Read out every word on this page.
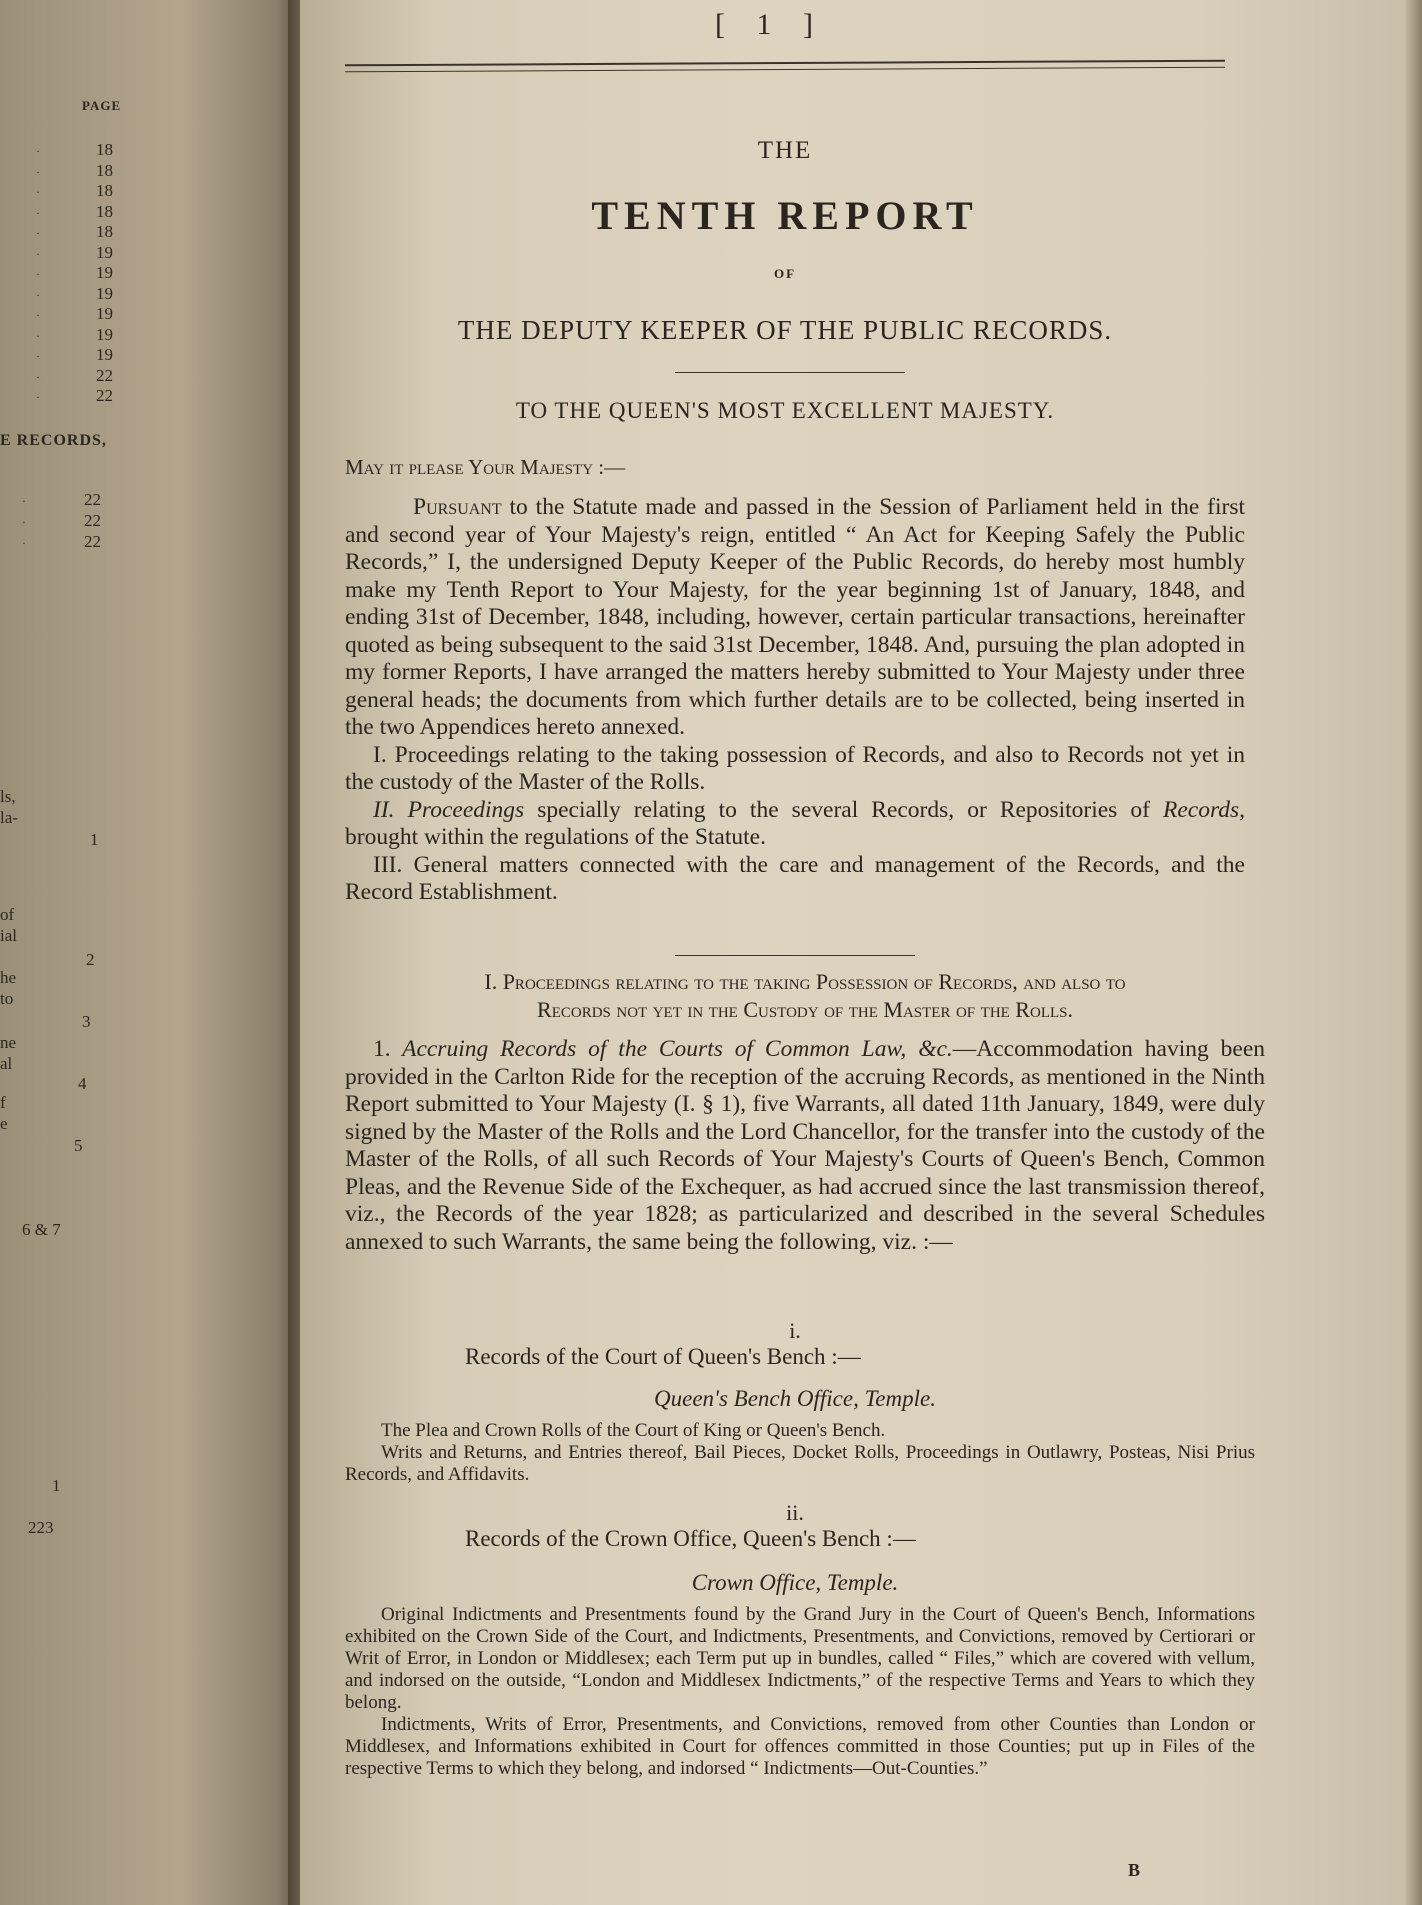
PAGE
18
·
18
·
18
·
18
·
18
·
19
·
19
·
19
·
19
·
19
·
19
·
22
·
22
·
E RECORDS,
22
·
22
·
22
·
ls,
la-
of
ial
he
to
ne
al
f
e
1
2
3
4
5
6 & 7
1
223
[ 1 ]
THE
TENTH REPORT
OF
THE DEPUTY KEEPER OF THE PUBLIC RECORDS.
TO THE QUEEN'S MOST EXCELLENT MAJESTY.
May it please Your Majesty :—

Pursuant to the Statute made and passed in the Session of Parliament held in the first and second year of Your Majesty's reign, entitled “ An Act for Keeping Safely the Public Records,” I, the undersigned Deputy Keeper of the Public Records, do hereby most humbly make my Tenth Report to Your Majesty, for the year beginning 1st of January, 1848, and ending 31st of December, 1848, including, however, certain particular transactions, hereinafter quoted as being subsequent to the said 31st December, 1848. And, pursuing the plan adopted in my former Reports, I have arranged the matters hereby submitted to Your Majesty under three general heads; the documents from which further details are to be collected, being inserted in the two Appendices hereto annexed.

I. Proceedings relating to the taking possession of Records, and also to Records not yet in the custody of the Master of the Rolls.

II. Proceedings specially relating to the several Records, or Repositories of Records, brought within the regulations of the Statute.

III. General matters connected with the care and management of the Records, and the Record Establishment.

I. Proceedings relating to the taking Possession of Records, and also to
Records not yet in the Custody of the Master of the Rolls.

1. Accruing Records of the Courts of Common Law, &c.—Accommodation having been provided in the Carlton Ride for the reception of the accruing Records, as mentioned in the Ninth Report submitted to Your Majesty (I. § 1), five Warrants, all dated 11th January, 1849, were duly signed by the Master of the Rolls and the Lord Chancellor, for the transfer into the custody of the Master of the Rolls, of all such Records of Your Majesty's Courts of Queen's Bench, Common Pleas, and the Revenue Side of the Exchequer, as had accrued since the last transmission thereof, viz., the Records of the year 1828; as particularized and described in the several Schedules annexed to such Warrants, the same being the following, viz. :—

i.
Records of the Court of Queen's Bench :—
Queen's Bench Office, Temple.

The Plea and Crown Rolls of the Court of King or Queen's Bench.

Writs and Returns, and Entries thereof, Bail Pieces, Docket Rolls, Proceedings in Outlawry, Posteas, Nisi Prius Records, and Affidavits.

ii.
Records of the Crown Office, Queen's Bench :—
Crown Office, Temple.

Original Indictments and Presentments found by the Grand Jury in the Court of Queen's Bench, Informations exhibited on the Crown Side of the Court, and Indictments, Presentments, and Convictions, removed by Certiorari or Writ of Error, in London or Middlesex; each Term put up in bundles, called “ Files,” which are covered with vellum, and indorsed on the outside, “London and Middlesex Indictments,” of the respective Terms and Years to which they belong.

Indictments, Writs of Error, Presentments, and Convictions, removed from other Counties than London or Middlesex, and Informations exhibited in Court for offences committed in those Counties; put up in Files of the respective Terms to which they belong, and indorsed “ Indictments—Out-Counties.”

B
